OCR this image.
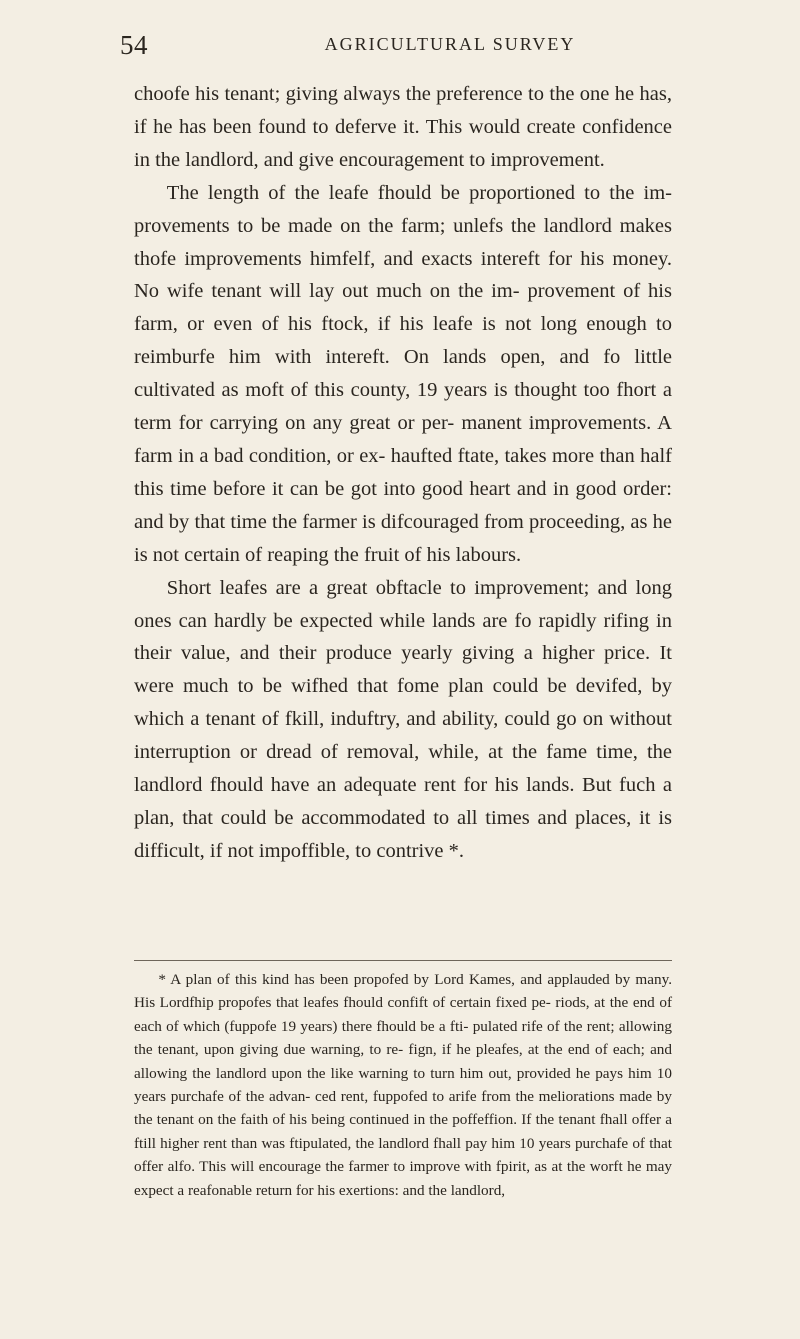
54	AGRICULTURAL SURVEY

choofe his tenant; giving always the preference to the one he has, if he has been found to deferve it. This would create confidence in the landlord, and give encouragement to improvement.

The length of the leafe fhould be proportioned to the im- provements to be made on the farm; unlefs the landlord makes thofe improvements himfelf, and exacts intereft for his money. No wife tenant will lay out much on the im- provement of his farm, or even of his ftock, if his leafe is not long enough to reimburfe him with intereft. On lands open, and fo little cultivated as moft of this county, 19 years is thought too fhort a term for carrying on any great or per- manent improvements. A farm in a bad condition, or ex- haufted ftate, takes more than half this time before it can be got into good heart and in good order: and by that time the farmer is difcouraged from proceeding, as he is not certain of reaping the fruit of his labours.

Short leafes are a great obftacle to improvement; and long ones can hardly be expected while lands are fo rapidly rifing in their value, and their produce yearly giving a higher price. It were much to be wifhed that fome plan could be devifed, by which a tenant of fkill, induftry, and ability, could go on without interruption or dread of removal, while, at the fame time, the landlord fhould have an adequate rent for his lands. But fuch a plan, that could be accommodated to all times and places, it is difficult, if not impoffible, to contrive *.

* A plan of this kind has been propofed by Lord Kames, and applauded by many. His Lordfhip propofes that leafes fhould confift of certain fixed pe- riods, at the end of each of which (fuppofe 19 years) there fhould be a fti- pulated rife of the rent; allowing the tenant, upon giving due warning, to re- fign, if he pleafes, at the end of each; and allowing the landlord upon the like warning to turn him out, provided he pays him 10 years purchafe of the advan- ced rent, fuppofed to arife from the meliorations made by the tenant on the faith of his being continued in the poffeffion. If the tenant fhall offer a ftill higher rent than was ftipulated, the landlord fhall pay him 10 years purchafe of that offer alfo. This will encourage the farmer to improve with fpirit, as at the worft he may expect a reafonable return for his exertions: and the landlord,
